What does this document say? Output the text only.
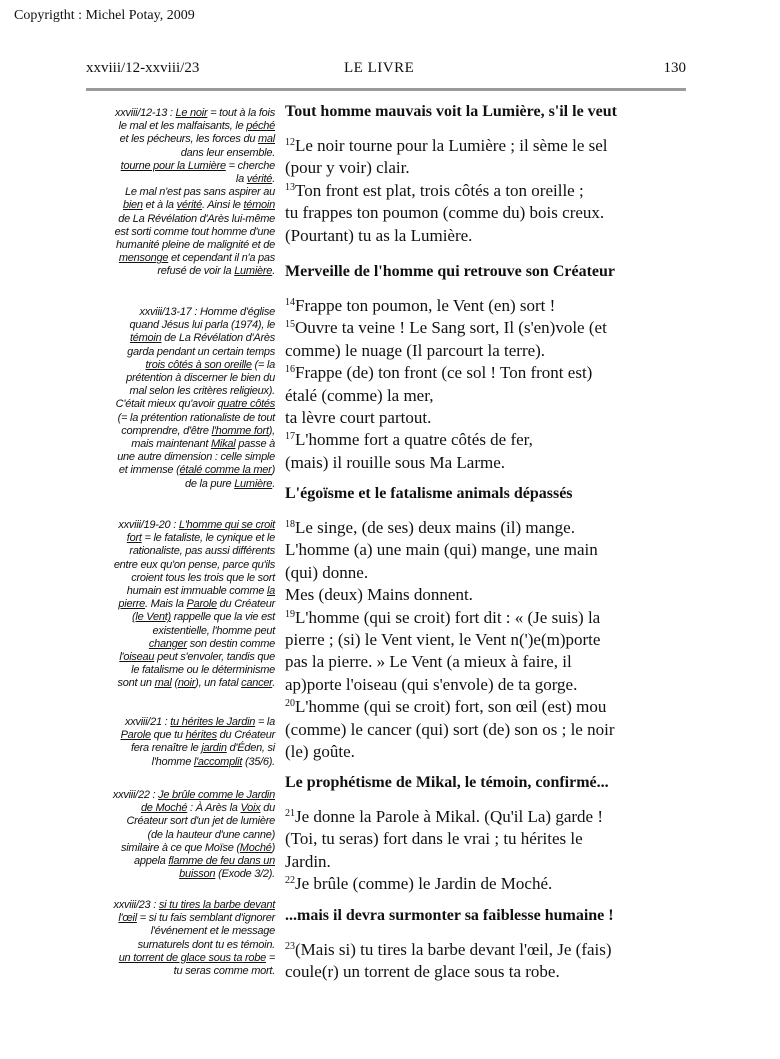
Copyrigtht : Michel Potay, 2009
xxviii/12-xxviii/23	LE LIVRE	130
xxviii/12-13 : Le noir = tout à la fois
le mal et les malfaisants, le péché
et les pécheurs, les forces du mal
dans leur ensemble.
tourne pour la Lumière = cherche
la vérité.
Le mal n'est pas sans aspirer au
bien et à la vérité. Ainsi le témoin
de La Révélation d'Arès lui-même
est sorti comme tout homme d'une
humanité pleine de malignité et de
mensonge et cependant il n'a pas
refusé de voir la Lumière.
xxviii/13-17 : Homme d'église
quand Jésus lui parla (1974), le
témoin de La Révélation d'Arès
garda pendant un certain temps
trois côtés à son oreille (= la
prétention à discerner le bien du
mal selon les critères religieux).
C'était mieux qu'avoir quatre côtés
(= la prétention rationaliste de tout
comprendre, d'être l'homme fort),
mais maintenant Mikal passe à
une autre dimension : celle simple
et immense (étalé comme la mer)
de la pure Lumière.
xxviii/19-20 : L'homme qui se croit
fort = le fataliste, le cynique et le
rationaliste, pas aussi différents
entre eux qu'on pense, parce qu'ils
croient tous les trois que le sort
humain est immuable comme la
pierre. Mais la Parole du Créateur
(le Vent) rappelle que la vie est
existentielle, l'homme peut
changer son destin comme
l'oiseau peut s'envoler, tandis que
le fatalisme ou le déterminisme
sont un mal (noir), un fatal cancer.
xxviii/21 : tu hérites le Jardin = la
Parole que tu hérites du Créateur
fera renaître le jardin d'Éden, si
l'homme l'accomplit (35/6).
xxviii/22 : Je brûle comme le Jardin
de Moché : À Arès la Voix du
Créateur sort d'un jet de lumière
(de la hauteur d'une canne)
similaire à ce que Moïse (Moché)
appela flamme de feu dans un
buisson (Exode 3/2).
xxviii/23 : si tu tires la barbe devant
l'œil = si tu fais semblant d'ignorer
l'événement et le message
surnaturels dont tu es témoin.
un torrent de glace sous ta robe =
tu seras comme mort.
Tout homme mauvais voit la Lumière, s'il le veut
$^{12}$Le noir tourne pour la Lumière ; il sème le sel
(pour y voir) clair.
$^{13}$Ton front est plat, trois côtés a ton oreille ;
tu frappes ton poumon (comme du) bois creux.
(Pourtant) tu as la Lumière.
Merveille de l'homme qui retrouve son Créateur
$^{14}$Frappe ton poumon, le Vent (en) sort !
$^{15}$Ouvre ta veine ! Le Sang sort, Il (s'en)vole (et
comme) le nuage (Il parcourt la terre).
$^{16}$Frappe (de) ton front (ce sol ! Ton front est)
étalé (comme) la mer,
ta lèvre court partout.
$^{17}$L'homme fort a quatre côtés de fer,
(mais) il rouille sous Ma Larme.
L'égoïsme et le fatalisme animals dépassés
$^{18}$Le singe, (de ses) deux mains (il) mange.
L'homme (a) une main (qui) mange, une main
(qui) donne.
Mes (deux) Mains donnent.
$^{19}$L'homme (qui se croit) fort dit : « (Je suis) la
pierre ; (si) le Vent vient, le Vent n(')e(m)porte
pas la pierre. » Le Vent (a mieux à faire, il
ap)porte l'oiseau (qui s'envole) de ta gorge.
$^{20}$L'homme (qui se croit) fort, son œil (est) mou
(comme) le cancer (qui) sort (de) son os ; le noir
(le) goûte.
Le prophétisme de Mikal, le témoin, confirmé...
$^{21}$Je donne la Parole à Mikal. (Qu'il La) garde !
(Toi, tu seras) fort dans le vrai ; tu hérites le
Jardin.
$^{22}$Je brûle (comme) le Jardin de Moché.
...mais il devra surmonter sa faiblesse humaine !
$^{23}$(Mais si) tu tires la barbe devant l'œil, Je (fais)
coule(r) un torrent de glace sous ta robe.
